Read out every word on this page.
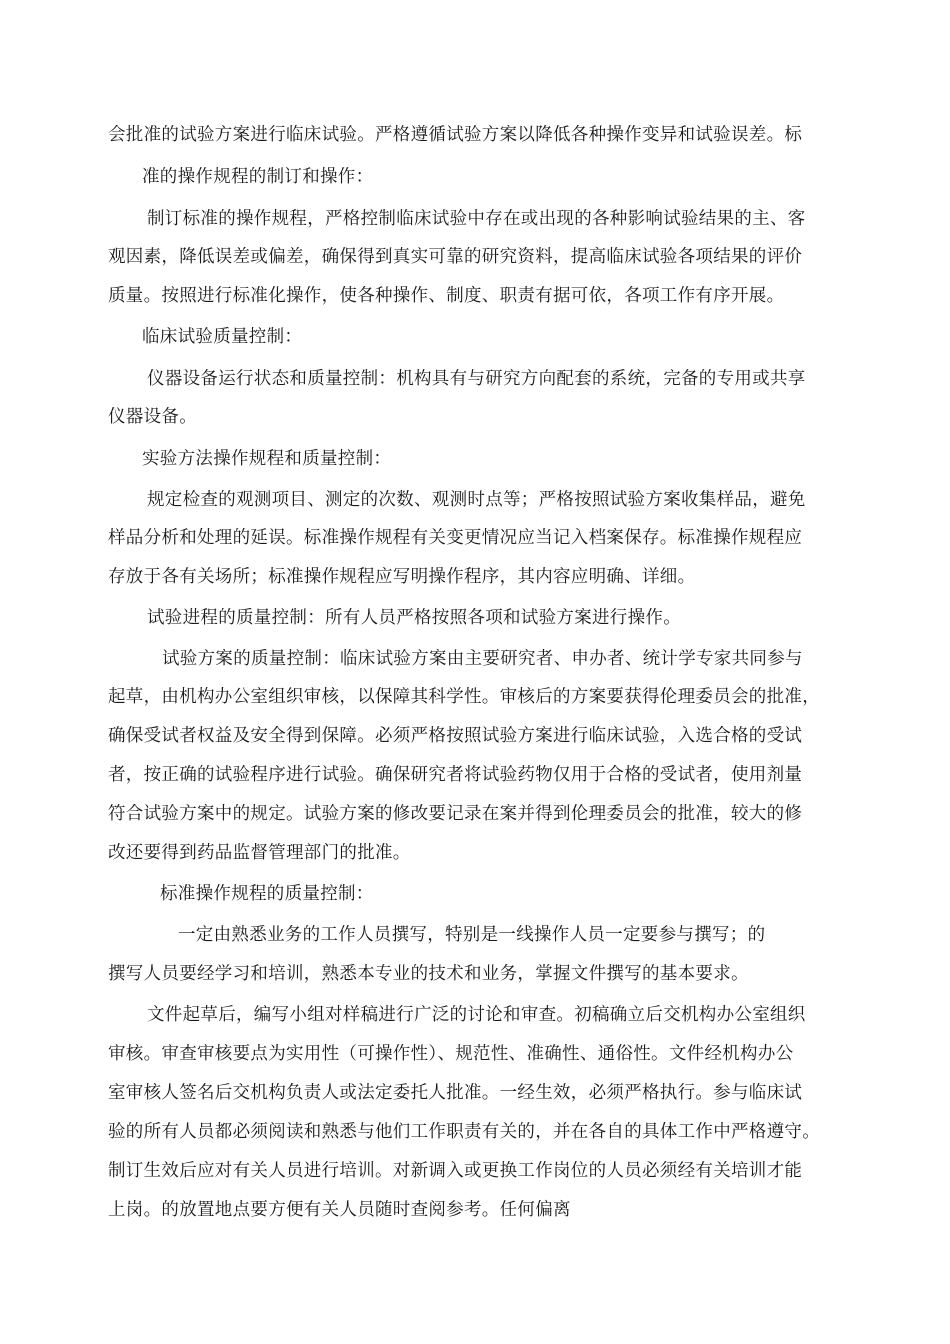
会批准的试验方案进行临床试验。严格遵循试验方案以降低各种操作变异和试验误差。标

准的操作规程的制订和操作：

制订标准的操作规程，严格控制临床试验中存在或出现的各种影响试验结果的主、客

观因素，降低误差或偏差，确保得到真实可靠的研究资料，提高临床试验各项结果的评价

质量。按照进行标准化操作，使各种操作、制度、职责有据可依，各项工作有序开展。

临床试验质量控制：

仪器设备运行状态和质量控制：机构具有与研究方向配套的系统，完备的专用或共享

仪器设备。

实验方法操作规程和质量控制：

规定检查的观测项目、测定的次数、观测时点等；严格按照试验方案收集样品，避免

样品分析和处理的延误。标准操作规程有关变更情况应当记入档案保存。标准操作规程应

存放于各有关场所；标准操作规程应写明操作程序，其内容应明确、详细。

试验进程的质量控制：所有人员严格按照各项和试验方案进行操作。

试验方案的质量控制：临床试验方案由主要研究者、申办者、统计学专家共同参与

起草，由机构办公室组织审核，以保障其科学性。审核后的方案要获得伦理委员会的批准，

确保受试者权益及安全得到保障。必须严格按照试验方案进行临床试验，入选合格的受试

者，按正确的试验程序进行试验。确保研究者将试验药物仅用于合格的受试者，使用剂量

符合试验方案中的规定。试验方案的修改要记录在案并得到伦理委员会的批准，较大的修

改还要得到药品监督管理部门的批准。

标准操作规程的质量控制：

一定由熟悉业务的工作人员撰写，特别是一线操作人员一定要参与撰写；的

撰写人员要经学习和培训，熟悉本专业的技术和业务，掌握文件撰写的基本要求。

文件起草后，编写小组对样稿进行广泛的讨论和审查。初稿确立后交机构办公室组织

审核。审查审核要点为实用性（可操作性）、规范性、准确性、通俗性。文件经机构办公

室审核人签名后交机构负责人或法定委托人批准。一经生效，必须严格执行。参与临床试

验的所有人员都必须阅读和熟悉与他们工作职责有关的，并在各自的具体工作中严格遵守。

制订生效后应对有关人员进行培训。对新调入或更换工作岗位的人员必须经有关培训才能

上岗。的放置地点要方便有关人员随时查阅参考。任何偏离
